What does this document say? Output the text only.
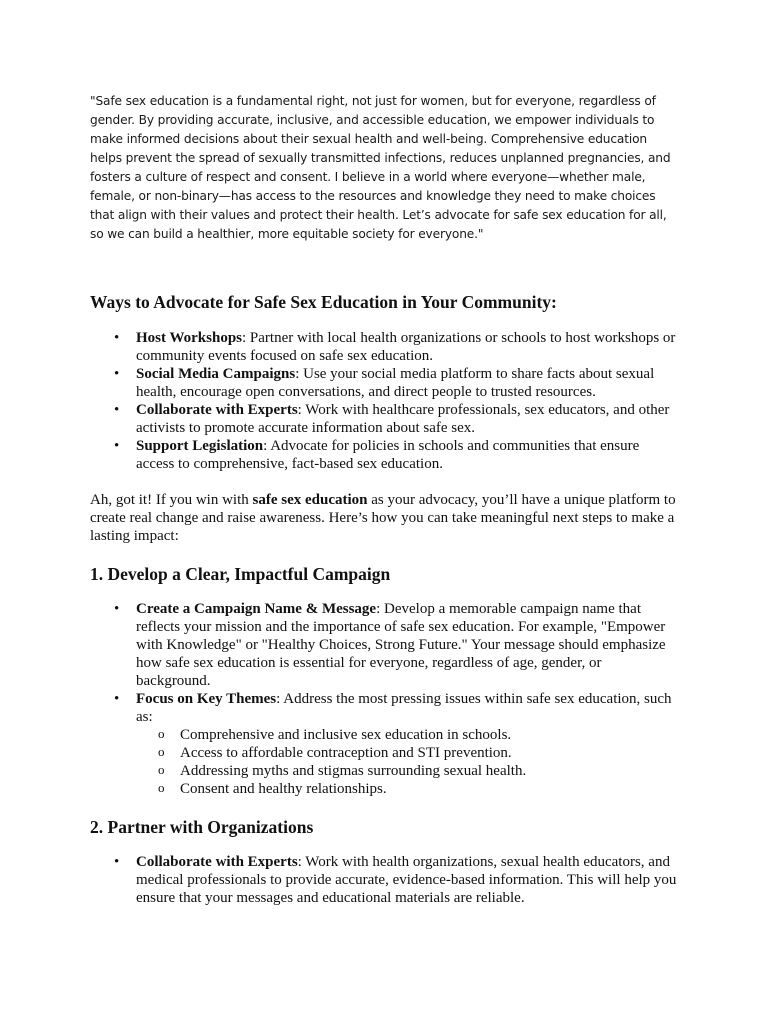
"Safe sex education is a fundamental right, not just for women, but for everyone, regardless of gender. By providing accurate, inclusive, and accessible education, we empower individuals to make informed decisions about their sexual health and well-being. Comprehensive education helps prevent the spread of sexually transmitted infections, reduces unplanned pregnancies, and fosters a culture of respect and consent. I believe in a world where everyone—whether male, female, or non-binary—has access to the resources and knowledge they need to make choices that align with their values and protect their health. Let’s advocate for safe sex education for all, so we can build a healthier, more equitable society for everyone."

Ways to Advocate for Safe Sex Education in Your Community:
• Host Workshops: Partner with local health organizations or schools to host workshops or community events focused on safe sex education.
• Social Media Campaigns: Use your social media platform to share facts about sexual health, encourage open conversations, and direct people to trusted resources.
• Collaborate with Experts: Work with healthcare professionals, sex educators, and other activists to promote accurate information about safe sex.
• Support Legislation: Advocate for policies in schools and communities that ensure access to comprehensive, fact-based sex education.

Ah, got it! If you win with safe sex education as your advocacy, you’ll have a unique platform to create real change and raise awareness. Here’s how you can take meaningful next steps to make a lasting impact:

1. Develop a Clear, Impactful Campaign
• Create a Campaign Name & Message: Develop a memorable campaign name that reflects your mission and the importance of safe sex education. For example, "Empower with Knowledge" or "Healthy Choices, Strong Future." Your message should emphasize how safe sex education is essential for everyone, regardless of age, gender, or background.
• Focus on Key Themes: Address the most pressing issues within safe sex education, such as:
o Comprehensive and inclusive sex education in schools.
o Access to affordable contraception and STI prevention.
o Addressing myths and stigmas surrounding sexual health.
o Consent and healthy relationships.
2. Partner with Organizations
• Collaborate with Experts: Work with health organizations, sexual health educators, and medical professionals to provide accurate, evidence-based information. This will help you ensure that your messages and educational materials are reliable.
